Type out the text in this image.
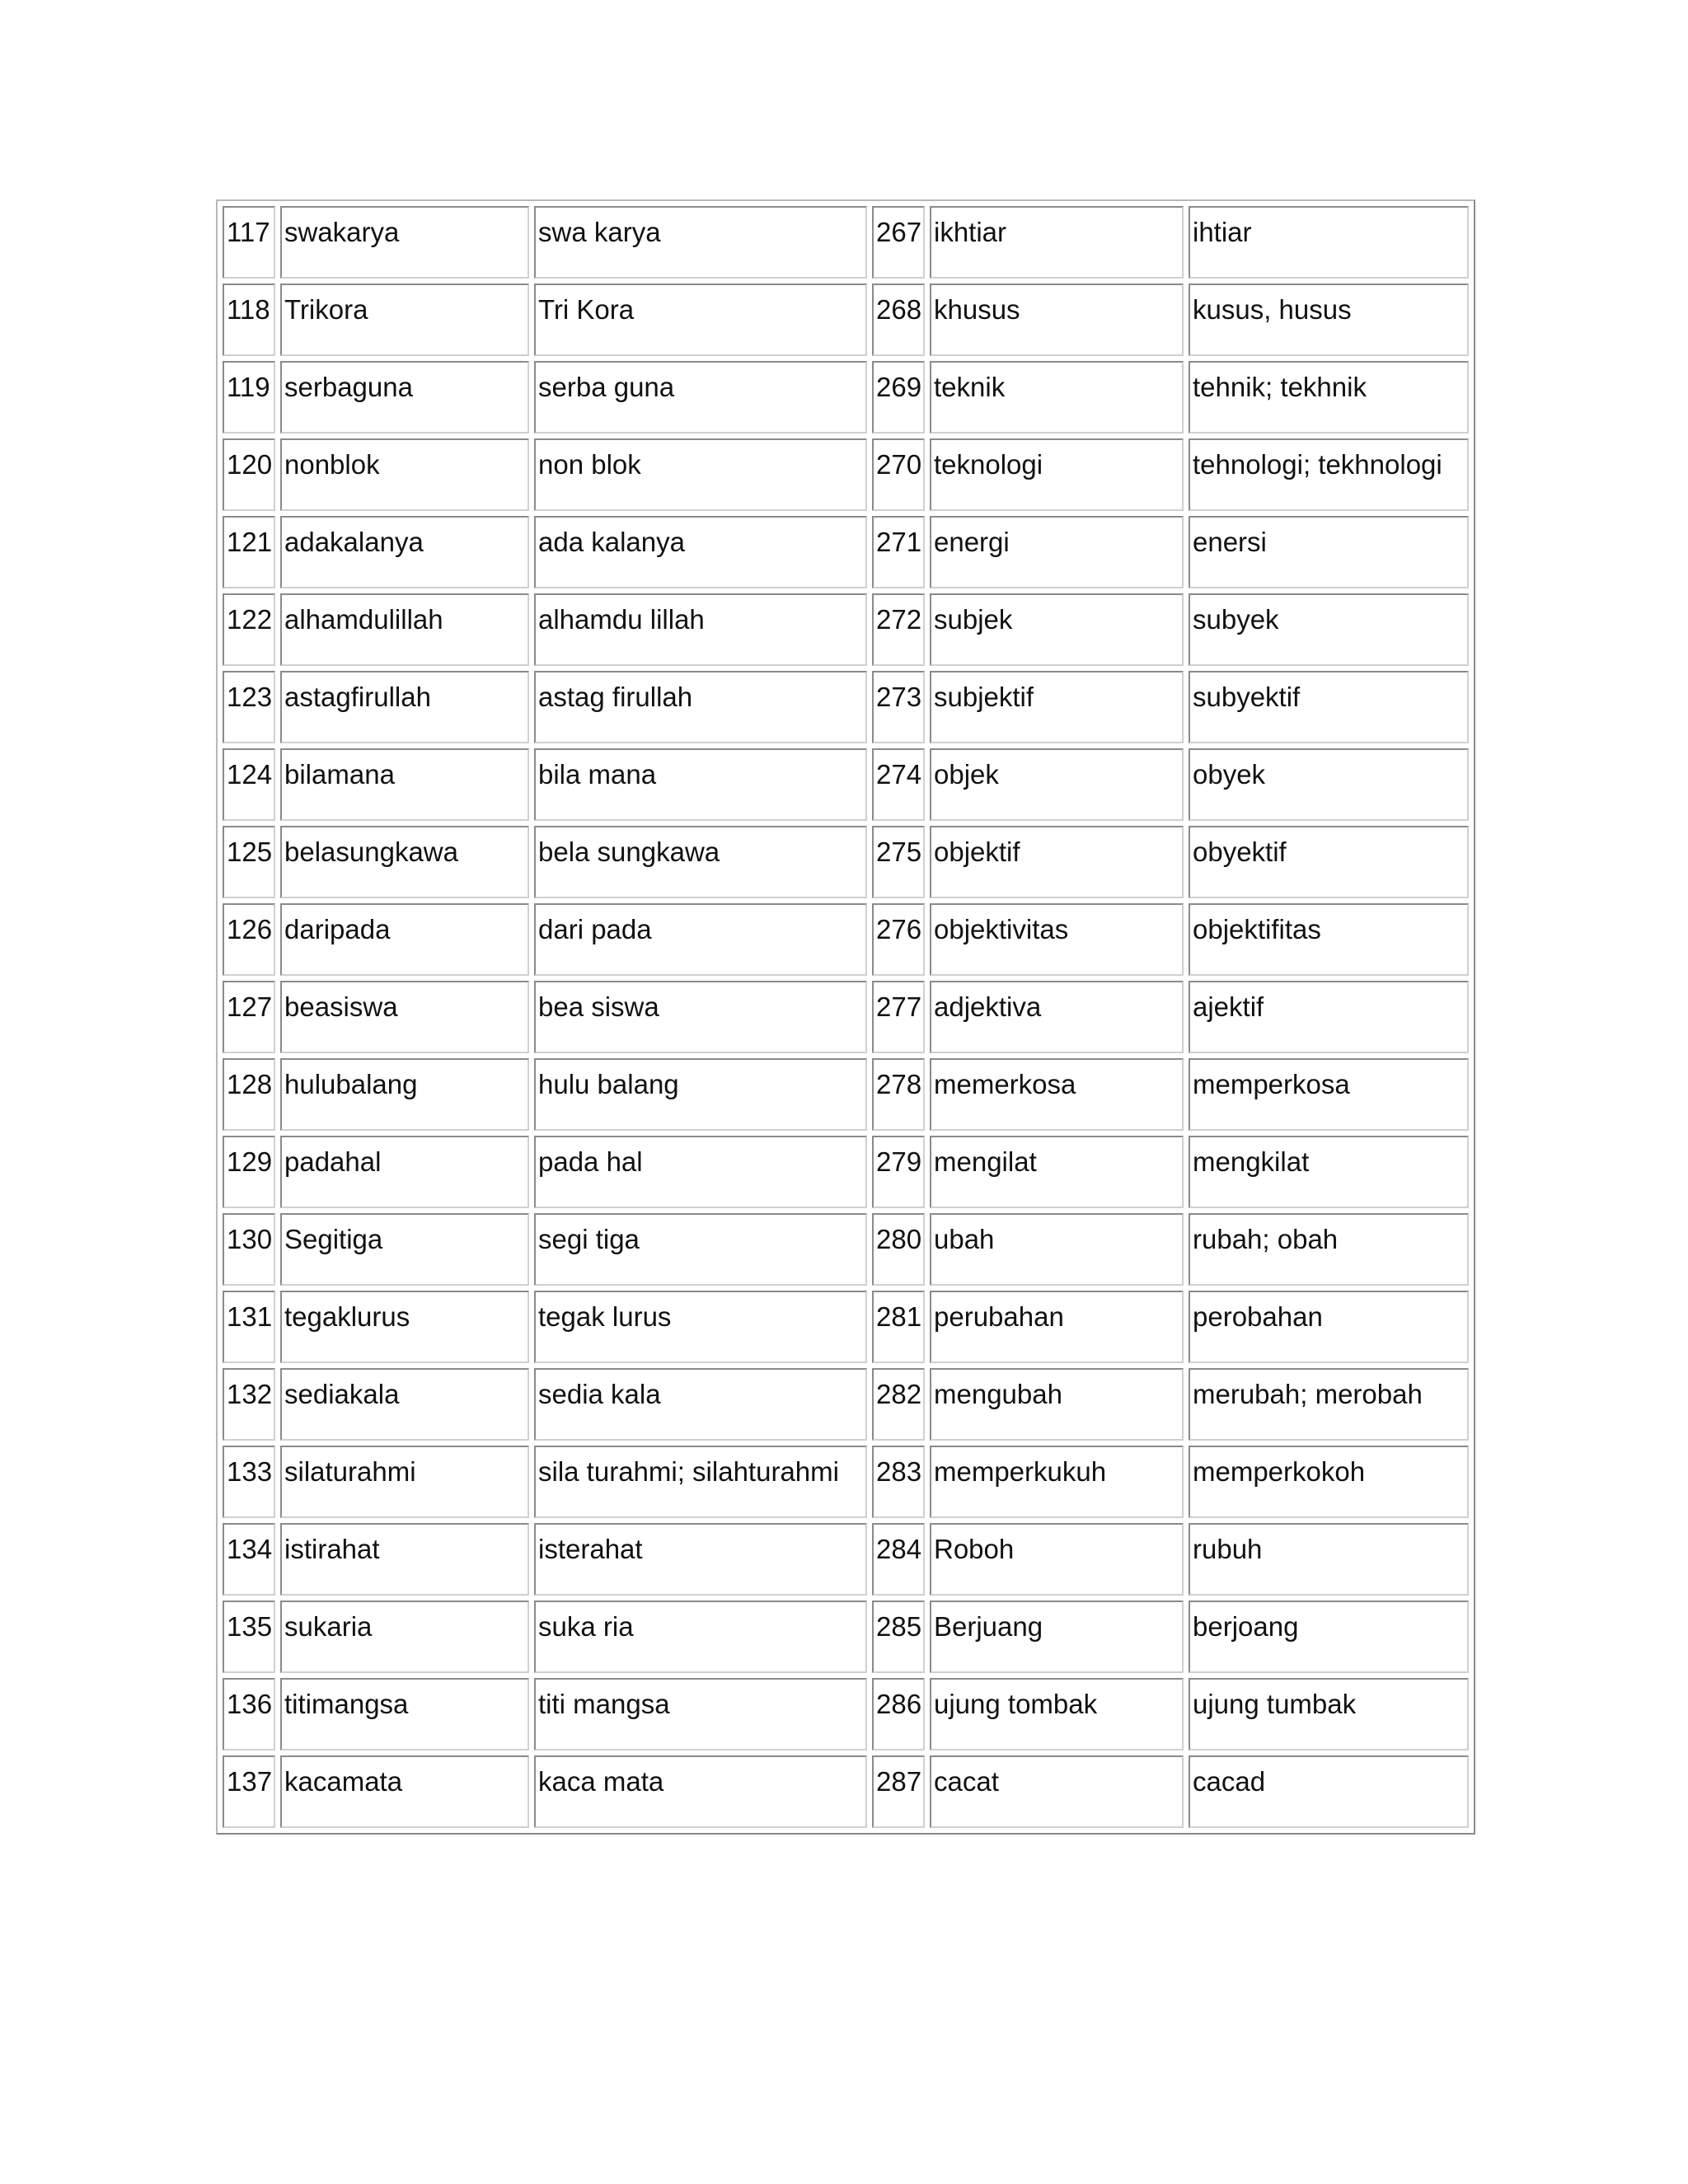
117	swakarya	swa karya	267	ikhtiar	ihtiar
118	Trikora	Tri Kora	268	khusus	kusus, husus
119	serbaguna	serba guna	269	teknik	tehnik; tekhnik
120	nonblok	non blok	270	teknologi	tehnologi; tekhnologi
121	adakalanya	ada kalanya	271	energi	enersi
122	alhamdulillah	alhamdu lillah	272	subjek	subyek
123	astagfirullah	astag firullah	273	subjektif	subyektif
124	bilamana	bila mana	274	objek	obyek
125	belasungkawa	bela sungkawa	275	objektif	obyektif
126	daripada	dari pada	276	objektivitas	objektifitas
127	beasiswa	bea siswa	277	adjektiva	ajektif
128	hulubalang	hulu balang	278	memerkosa	memperkosa
129	padahal	pada hal	279	mengilat	mengkilat
130	Segitiga	segi tiga	280	ubah	rubah; obah
131	tegaklurus	tegak lurus	281	perubahan	perobahan
132	sediakala	sedia kala	282	mengubah	merubah; merobah
133	silaturahmi	sila turahmi; silahturahmi	283	memperkukuh	memperkokoh
134	istirahat	isterahat	284	Roboh	rubuh
135	sukaria	suka ria	285	Berjuang	berjoang
136	titimangsa	titi mangsa	286	ujung tombak	ujung tumbak
137	kacamata	kaca mata	287	cacat	cacad
